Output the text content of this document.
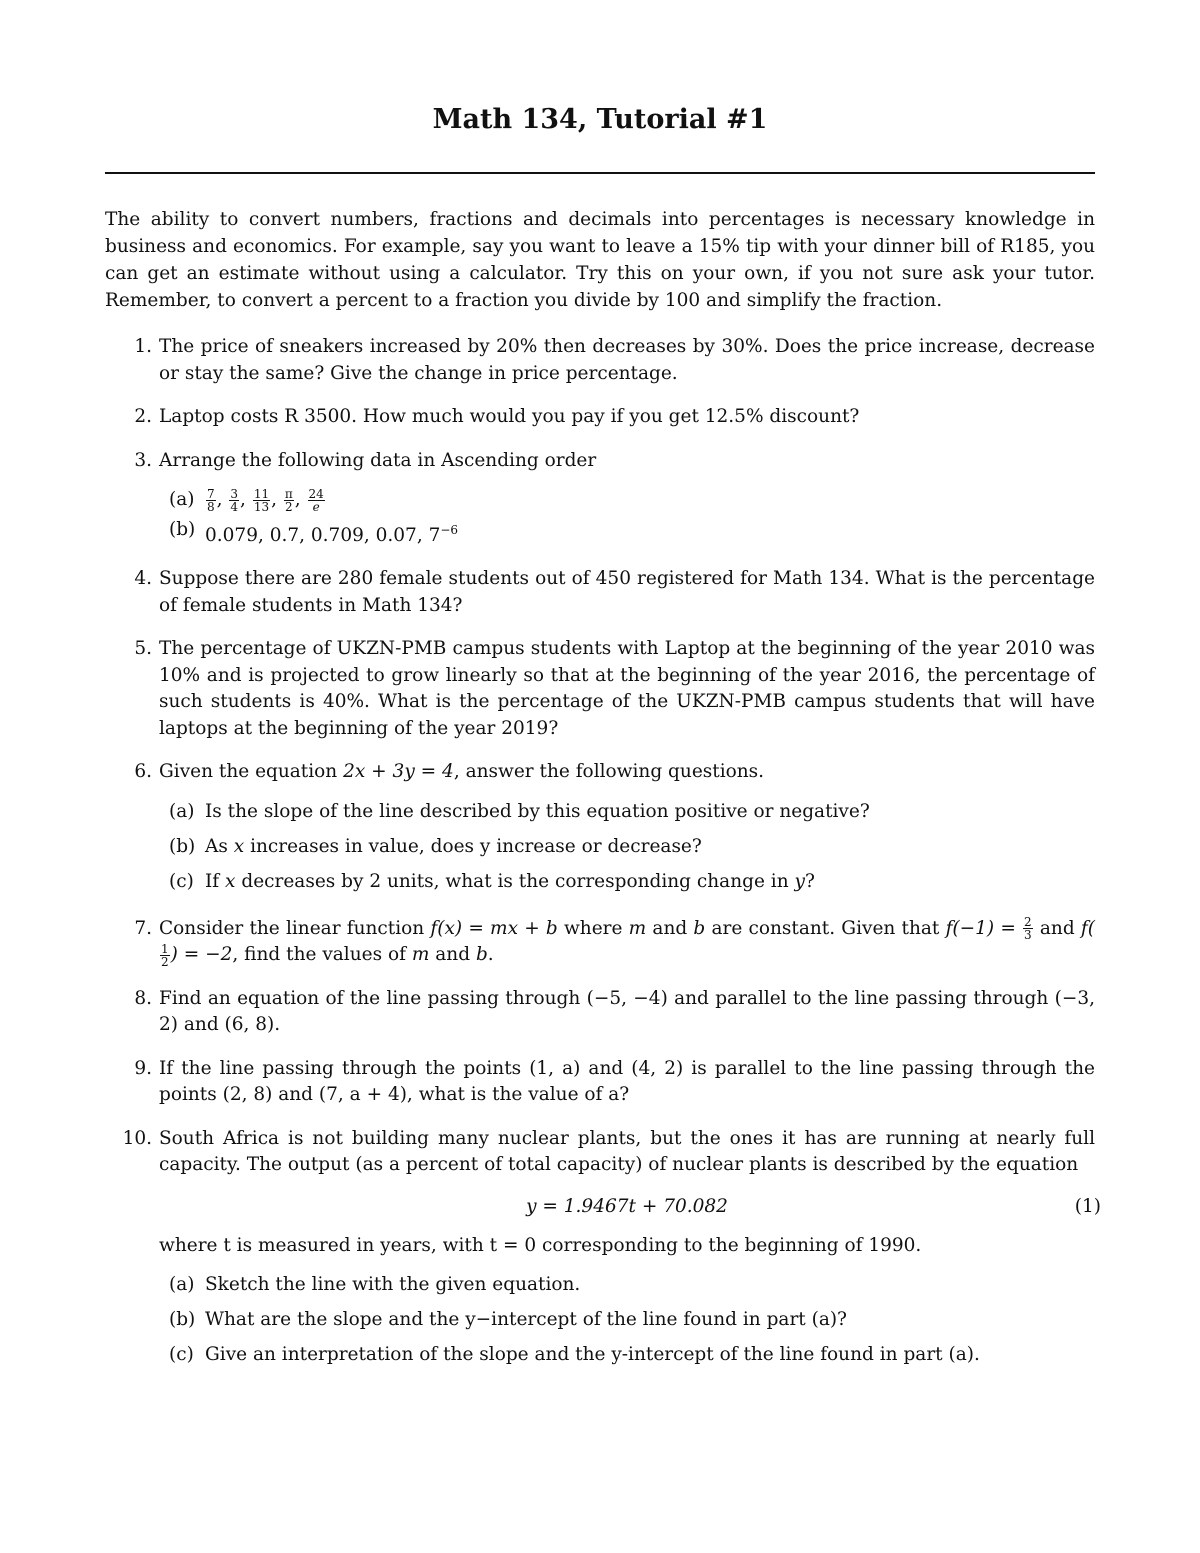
Math 134, Tutorial #1

The ability to convert numbers, fractions and decimals into percentages is necessary knowledge in business and economics. For example, say you want to leave a 15% tip with your dinner bill of R185, you can get an estimate without using a calculator. Try this on your own, if you not sure ask your tutor. Remember, to convert a percent to a fraction you divide by 100 and simplify the fraction.

1. The price of sneakers increased by 20% then decreases by 30%. Does the price increase, decrease or stay the same? Give the change in price percentage.
2. Laptop costs R 3500. How much would you pay if you get 12.5% discount?
3. Arrange the following data in Ascending order
$(a) \frac{7}{8}$ , $\frac{3}{4}$ , $\frac{11}{13}$ , $\frac{\pi}{2}$ , $\frac{24}{e}$
(b) 0.079, 0.7, 0.709, 0.07, $7^{-6}$
4. Suppose there are 280 female students out of 450 registered for Math 134. What is the percentage of female students in Math 134?
5. The percentage of UKZN-PMB campus students with Laptop at the beginning of the year 2010 was 10% and is projected to grow linearly so that at the beginning of the year 2016, the percentage of such students is 40%. What is the percentage of the UKZN-PMB campus students that will have laptops at the beginning of the year 2019?
6. Given the equation 2x + 3y = 4, answer the following questions.
(a) Is the slope of the line described by this equation positive or negative?
(b) As x increases in value, does y increase or decrease?
(c) If x decreases by 2 units, what is the corresponding change in y?
7. Consider the linear function f(x) = mx + b where m and b are constant. Given that $f(-1) = \frac{2}{3}$ and f(
$\frac{1}{2}$ ) = −2, find the values of m and b.
8. Find an equation of the line passing through (−5, −4) and parallel to the line passing through (−3, 2) and (6, 8).
9. If the line passing through the points (1, a) and (4, 2) is parallel to the line passing through the points (2, 8) and (7, a + 4), what is the value of a?
10. South Africa is not building many nuclear plants, but the ones it has are running at nearly full capacity. The output (as a percent of total capacity) of nuclear plants is described by the equation
y = 1.9467t + 70.082	(1)
where t is measured in years, with t = 0 corresponding to the beginning of 1990.
(a) Sketch the line with the given equation.
(b) What are the slope and the y−intercept of the line found in part (a)?
(c) Give an interpretation of the slope and the y-intercept of the line found in part (a).
